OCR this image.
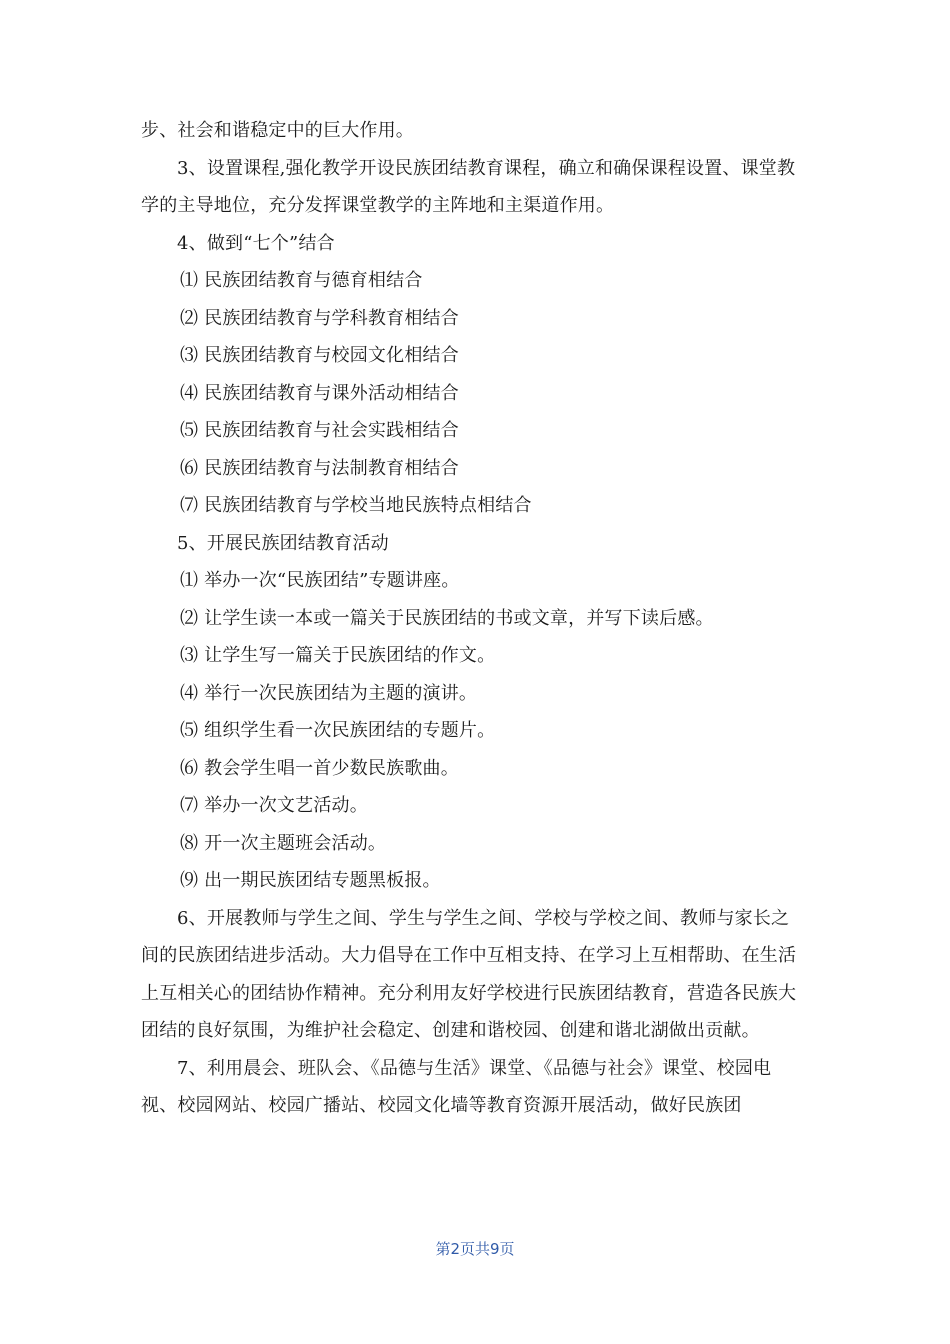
步、社会和谐稳定中的巨大作用。

3、设置课程,强化教学开设民族团结教育课程，确立和确保课程设置、课堂教学的主导地位，充分发挥课堂教学的主阵地和主渠道作用。

4、做到“七个”结合

⑴ 民族团结教育与德育相结合

⑵ 民族团结教育与学科教育相结合

⑶ 民族团结教育与校园文化相结合

⑷ 民族团结教育与课外活动相结合

⑸ 民族团结教育与社会实践相结合

⑹ 民族团结教育与法制教育相结合

⑺ 民族团结教育与学校当地民族特点相结合

5、开展民族团结教育活动

⑴ 举办一次“民族团结”专题讲座。

⑵ 让学生读一本或一篇关于民族团结的书或文章，并写下读后感。

⑶ 让学生写一篇关于民族团结的作文。

⑷ 举行一次民族团结为主题的演讲。

⑸ 组织学生看一次民族团结的专题片。

⑹ 教会学生唱一首少数民族歌曲。

⑺ 举办一次文艺活动。

⑻ 开一次主题班会活动。

⑼ 出一期民族团结专题黑板报。

6、开展教师与学生之间、学生与学生之间、学校与学校之间、教师与家长之间的民族团结进步活动。大力倡导在工作中互相支持、在学习上互相帮助、在生活上互相关心的团结协作精神。充分利用友好学校进行民族团结教育，营造各民族大团结的良好氛围，为维护社会稳定、创建和谐校园、创建和谐北湖做出贡献。

7、利用晨会、班队会、《品德与生活》课堂、《品德与社会》课堂、校园电视、校园网站、校园广播站、校园文化墙等教育资源开展活动，做好民族团

第2页共9页
